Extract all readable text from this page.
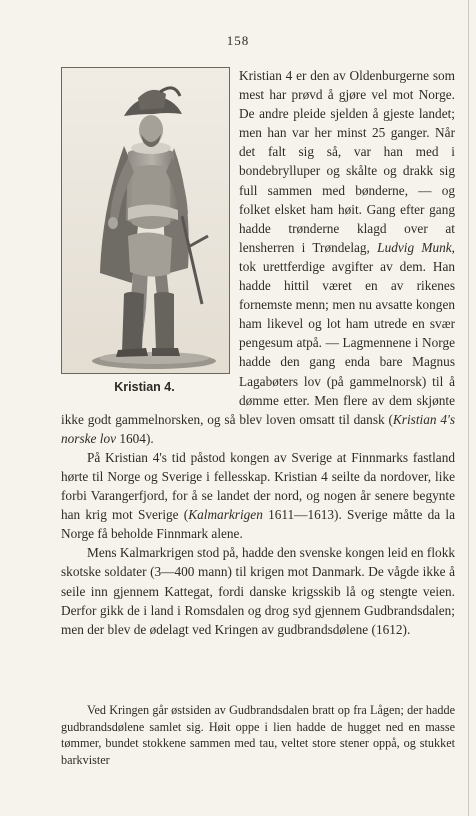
158
Kristian 4.

Kristian 4 er den av Oldenburgerne som mest har prøvd å gjøre vel mot Norge. De andre pleide sjelden å gjeste landet; men han var her minst 25 ganger. Når det falt sig så, var han med i bondebrylluper og skålte og drakk sig full sammen med bønderne, — og folket elsket ham høit. Gang efter gang hadde trønderne klagd over at lensherren i Trøndelag, Ludvig Munk, tok urettferdige avgifter av dem. Han hadde hittil været en av rikenes fornemste menn; men nu avsatte kongen ham likevel og lot ham utrede en svær pengesum atpå. — Lagmennene i Norge hadde den gang enda bare Magnus Lagabøters lov (på gammelnorsk) til å dømme etter. Men flere av dem skjønte ikke godt gammelnorsken, og så blev loven omsatt til dansk (Kristian 4's norske lov 1604).

På Kristian 4's tid påstod kongen av Sverige at Finnmarks fastland hørte til Norge og Sverige i fellesskap. Kristian 4 seilte da nordover, like forbi Varangerfjord, for å se landet der nord, og nogen år senere begynte han krig mot Sverige (Kalmarkrigen 1611—1613). Sverige måtte da la Norge få beholde Finnmark alene.

Mens Kalmarkrigen stod på, hadde den svenske kongen leid en flokk skotske soldater (3—400 mann) til krigen mot Danmark. De vågde ikke å seile inn gjennem Kattegat, fordi danske krigsskib lå og stengte veien. Derfor gikk de i land i Romsdalen og drog syd gjennem Gudbrandsdalen; men der blev de ødelagt ved Kringen av gudbrandsdølene (1612).

Ved Kringen går østsiden av Gudbrandsdalen bratt op fra Lågen; der hadde gudbrandsdølene samlet sig. Høit oppe i lien hadde de hugget ned en masse tømmer, bundet stokkene sammen med tau, veltet store stener oppå, og stukket barkvister
